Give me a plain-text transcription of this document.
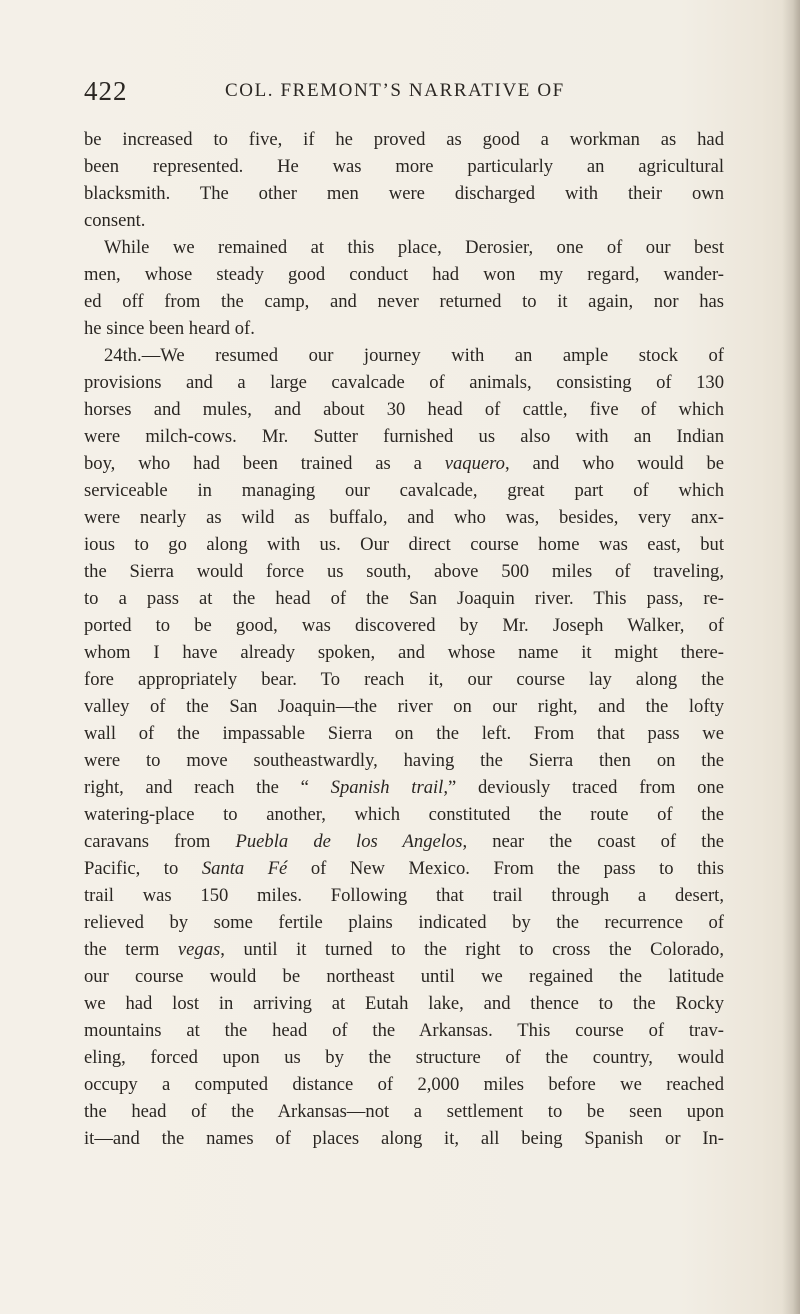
422	COL. FREMONT’S NARRATIVE OF
be increased to five, if he proved as good a workman as had
been represented. He was more particularly an agricultural
blacksmith. The other men were discharged with their own
consent.
While we remained at this place, Derosier, one of our best
men, whose steady good conduct had won my regard, wander-
ed off from the camp, and never returned to it again, nor has
he since been heard of.
24th.—We resumed our journey with an ample stock of
provisions and a large cavalcade of animals, consisting of 130
horses and mules, and about 30 head of cattle, five of which
were milch-cows. Mr. Sutter furnished us also with an Indian
boy, who had been trained as a vaquero, and who would be
serviceable in managing our cavalcade, great part of which
were nearly as wild as buffalo, and who was, besides, very anx-
ious to go along with us. Our direct course home was east, but
the Sierra would force us south, above 500 miles of traveling,
to a pass at the head of the San Joaquin river. This pass, re-
ported to be good, was discovered by Mr. Joseph Walker, of
whom I have already spoken, and whose name it might there-
fore appropriately bear. To reach it, our course lay along the
valley of the San Joaquin—the river on our right, and the lofty
wall of the impassable Sierra on the left. From that pass we
were to move southeastwardly, having the Sierra then on the
right, and reach the “ Spanish trail,” deviously traced from one
watering-place to another, which constituted the route of the
caravans from Puebla de los Angelos, near the coast of the
Pacific, to Santa Fé of New Mexico. From the pass to this
trail was 150 miles. Following that trail through a desert,
relieved by some fertile plains indicated by the recurrence of
the term vegas, until it turned to the right to cross the Colorado,
our course would be northeast until we regained the latitude
we had lost in arriving at Eutah lake, and thence to the Rocky
mountains at the head of the Arkansas. This course of trav-
eling, forced upon us by the structure of the country, would
occupy a computed distance of 2,000 miles before we reached
the head of the Arkansas—not a settlement to be seen upon
it—and the names of places along it, all being Spanish or In-
